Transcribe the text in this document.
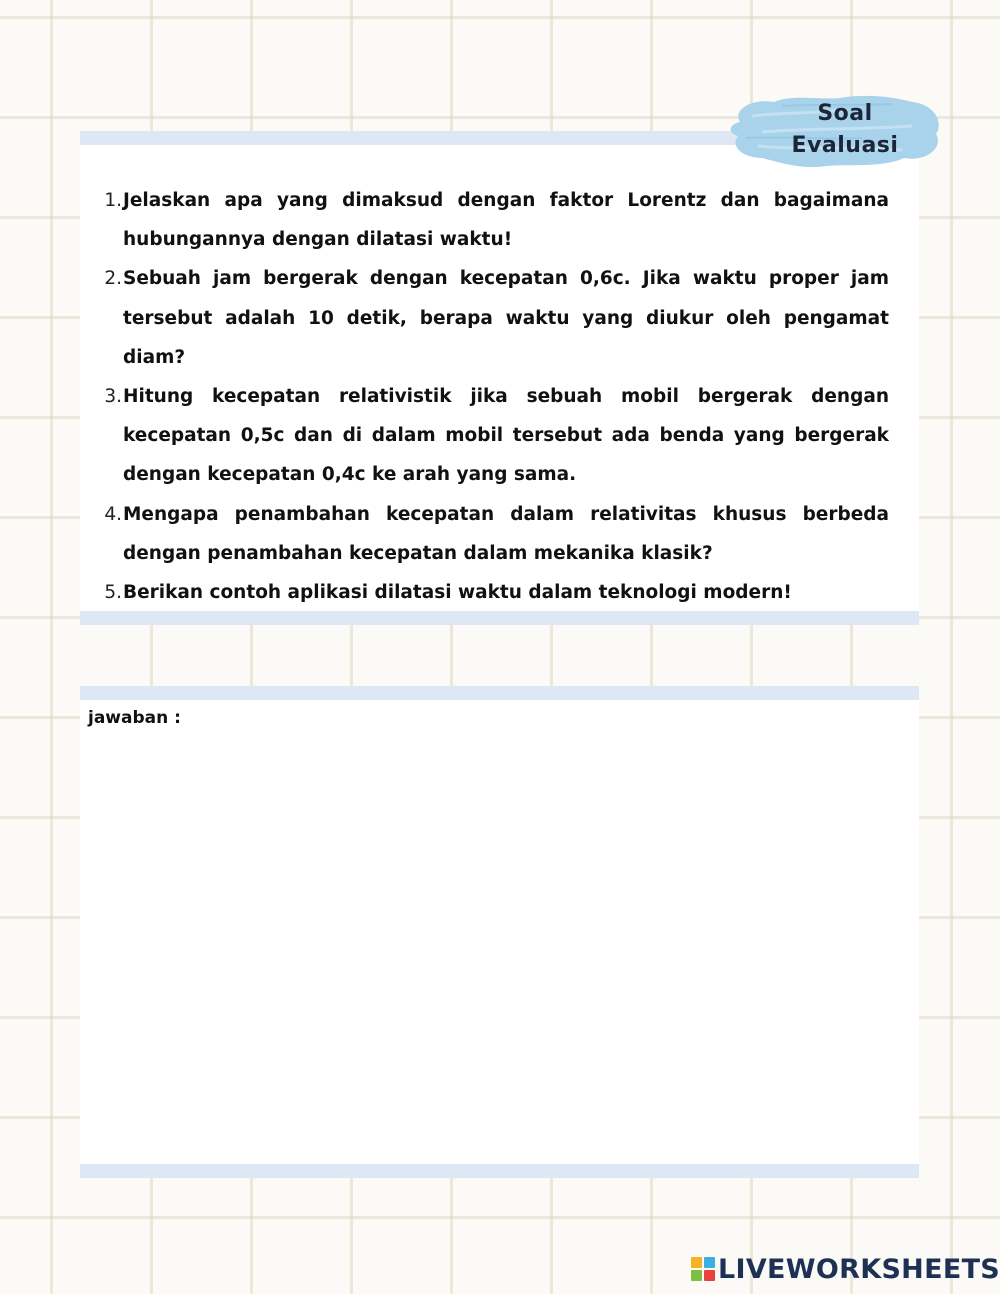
Soal
Evaluasi
1. Jelaskan apa yang dimaksud dengan faktor Lorentz dan bagaimana hubungannya dengan dilatasi waktu!
2. Sebuah jam bergerak dengan kecepatan 0,6c. Jika waktu proper jam tersebut adalah 10 detik, berapa waktu yang diukur oleh pengamat diam?
3. Hitung kecepatan relativistik jika sebuah mobil bergerak dengan kecepatan 0,5c dan di dalam mobil tersebut ada benda yang bergerak dengan kecepatan 0,4c ke arah yang sama.
4. Mengapa penambahan kecepatan dalam relativitas khusus berbeda dengan penambahan kecepatan dalam mekanika klasik?
5. Berikan contoh aplikasi dilatasi waktu dalam teknologi modern!
jawaban :
LIVEWORKSHEETS
